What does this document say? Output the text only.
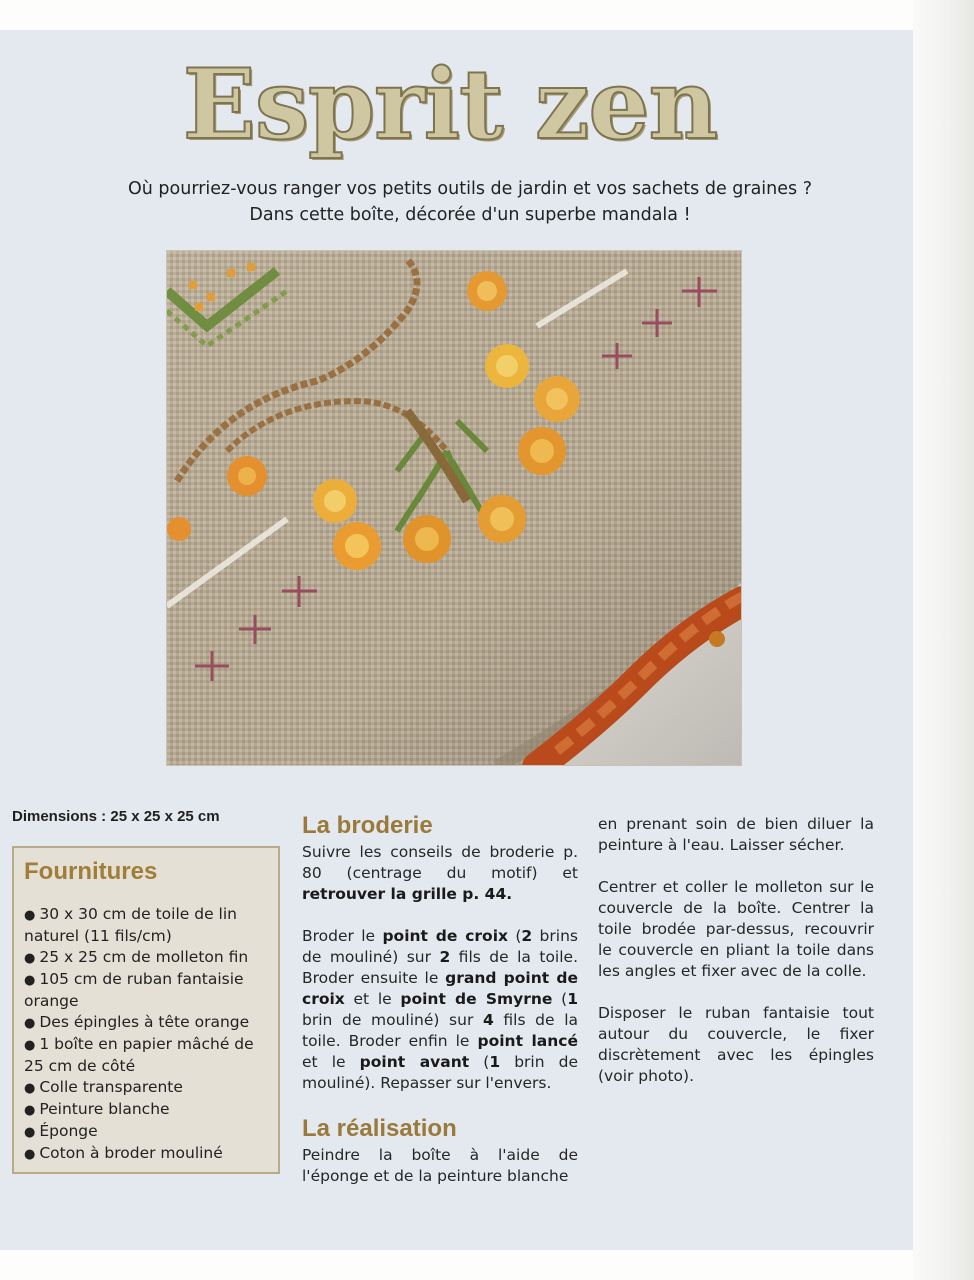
Esprit zen
Où pourriez-vous ranger vos petits outils de jardin et vos sachets de graines ?
Dans cette boîte, décorée d'un superbe mandala !
Dimensions : 25 x 25 x 25 cm
Fournitures
● 30 x 30 cm de toile de lin naturel (11 fils/cm)
● 25 x 25 cm de molleton fin
● 105 cm de ruban fantaisie orange
● Des épingles à tête orange
● 1 boîte en papier mâché de 25 cm de côté
● Colle transparente
● Peinture blanche
● Éponge
● Coton à broder mouliné
La broderie

Suivre les conseils de broderie p. 80 (centrage du motif) et retrouver la grille p. 44.

Broder le point de croix (2 brins de mouliné) sur 2 fils de la toile. Broder ensuite le grand point de croix et le point de Smyrne (1 brin de mouliné) sur 4 fils de la toile. Broder enfin le point lancé et le point avant (1 brin de mouliné). Repasser sur l'envers.

La réalisation

Peindre la boîte à l'aide de l'éponge et de la peinture blanche

en prenant soin de bien diluer la peinture à l'eau. Laisser sécher.

Centrer et coller le molleton sur le couvercle de la boîte. Centrer la toile brodée par-dessus, recouvrir le couvercle en pliant la toile dans les angles et fixer avec de la colle.

Disposer le ruban fantaisie tout autour du couvercle, le fixer discrètement avec les épingles (voir photo).
